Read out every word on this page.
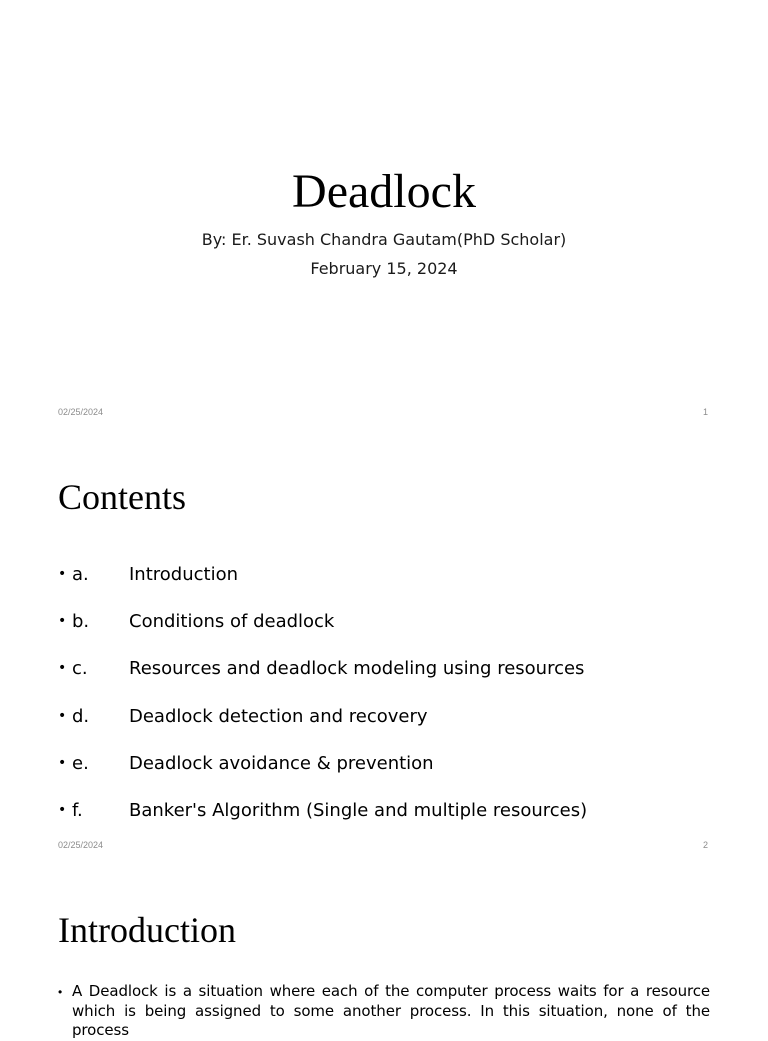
Deadlock
By: Er. Suvash Chandra Gautam(PhD Scholar)
February 15, 2024
02/25/2024	1
Contents
• a. Introduction
• b. Conditions of deadlock
• c. Resources and deadlock modeling using resources
• d. Deadlock detection and recovery
• e. Deadlock avoidance & prevention
• f.	Banker's Algorithm (Single and multiple resources)
02/25/2024	2
Introduction
• A Deadlock is a situation where each of the computer process waits for a resource which is being assigned to some another process. In this situation, none of the process
